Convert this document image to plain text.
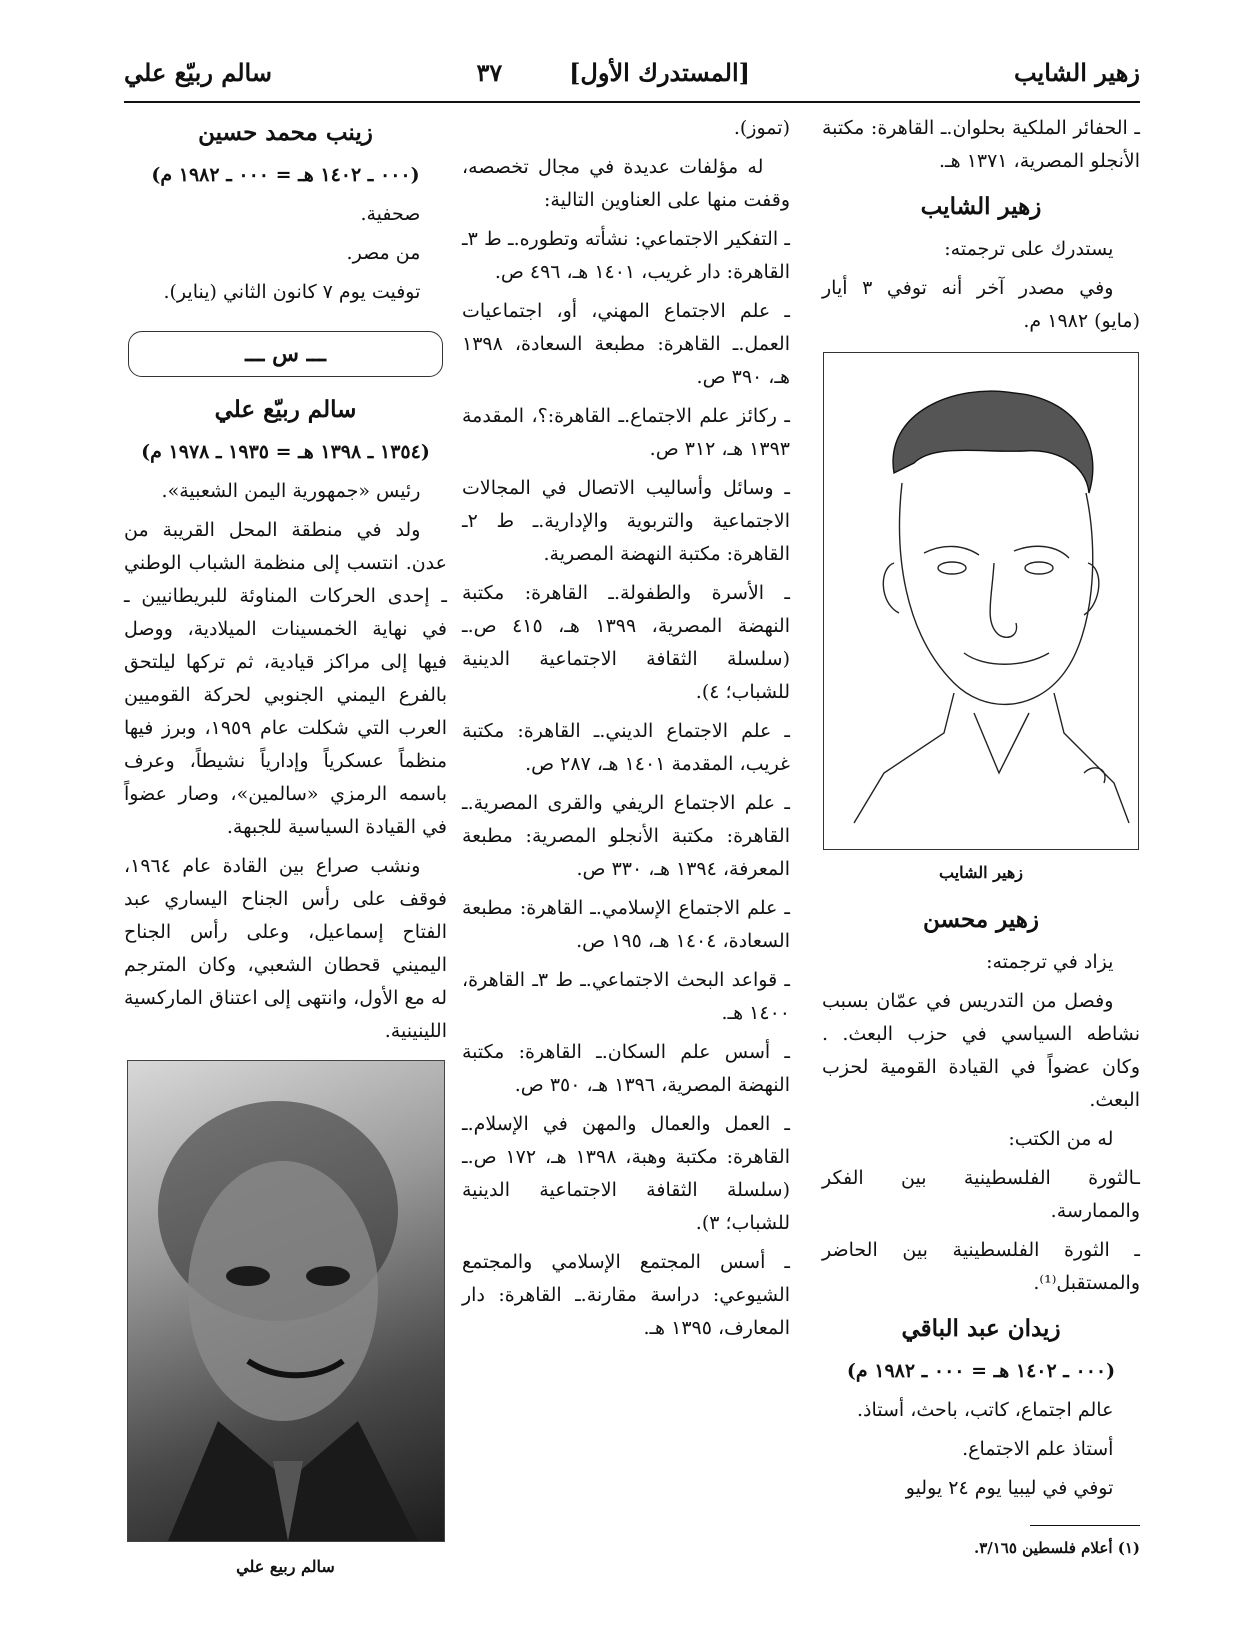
زهير الشايب
[المستدرك الأول]        ٣٧
سالم ربيّع علي

ـ الحفائر الملكية بحلوان.ـ القاهرة: مكتبة الأنجلو المصرية، ١٣٧١ هـ.

زهير الشايب

يستدرك على ترجمته:

وفي مصدر آخر أنه توفي ٣ أيار (مايو) ١٩٨٢ م.

زهير الشايب
زهير محسن

يزاد في ترجمته:

وفصل من التدريس في عمّان بسبب نشاطه السياسي في حزب البعث. . وكان عضواً في القيادة القومية لحزب البعث.

له من الكتب:

ـالثورة الفلسطينية بين الفكر والممارسة.

ـ الثورة الفلسطينية بين الحاضر والمستقبل⁽¹⁾.

زيدان عبد الباقي
(٠٠٠ ـ ١٤٠٢ هـ = ٠٠٠ ـ ١٩٨٢ م)

عالم اجتماع، كاتب، باحث، أستاذ.

أستاذ علم الاجتماع.

توفي في ليبيا يوم ٢٤ يوليو

(١) أعلام فلسطين ٣/١٦٥.

(تموز).

له مؤلفات عديدة في مجال تخصصه، وقفت منها على العناوين التالية:

ـ التفكير الاجتماعي: نشأته وتطوره.ـ ط ٣ـ القاهرة: دار غريب، ١٤٠١ هـ، ٤٩٦ ص.

ـ علم الاجتماع المهني، أو، اجتماعيات العمل.ـ القاهرة: مطبعة السعادة، ١٣٩٨ هـ، ٣٩٠ ص.

ـ ركائز علم الاجتماع.ـ القاهرة:؟، المقدمة ١٣٩٣ هـ، ٣١٢ ص.

ـ وسائل وأساليب الاتصال في المجالات الاجتماعية والتربوية والإدارية.ـ ط ٢ـ القاهرة: مكتبة النهضة المصرية.

ـ الأسرة والطفولة.ـ القاهرة: مكتبة النهضة المصرية، ١٣٩٩ هـ، ٤١٥ ص.ـ (سلسلة الثقافة الاجتماعية الدينية للشباب؛ ٤).

ـ علم الاجتماع الديني.ـ القاهرة: مكتبة غريب، المقدمة ١٤٠١ هـ، ٢٨٧ ص.

ـ علم الاجتماع الريفي والقرى المصرية.ـ القاهرة: مكتبة الأنجلو المصرية: مطبعة المعرفة، ١٣٩٤ هـ، ٣٣٠ ص.

ـ علم الاجتماع الإسلامي.ـ القاهرة: مطبعة السعادة، ١٤٠٤ هـ، ١٩٥ ص.

ـ قواعد البحث الاجتماعي.ـ ط ٣ـ القاهرة، ١٤٠٠ هـ.

ـ أسس علم السكان.ـ القاهرة: مكتبة النهضة المصرية، ١٣٩٦ هـ، ٣٥٠ ص.

ـ العمل والعمال والمهن في الإسلام.ـ القاهرة: مكتبة وهبة، ١٣٩٨ هـ، ١٧٢ ص.ـ (سلسلة الثقافة الاجتماعية الدينية للشباب؛ ٣).

ـ أسس المجتمع الإسلامي والمجتمع الشيوعي: دراسة مقارنة.ـ القاهرة: دار المعارف، ١٣٩٥ هـ.

زينب محمد حسين
(٠٠٠ ـ ١٤٠٢ هـ = ٠٠٠ ـ ١٩٨٢ م)

صحفية.

من مصر.

توفيت يوم ٧ كانون الثاني (يناير).

ـــ س ـــ
سالم ربيّع علي
(١٣٥٤ ـ ١٣٩٨ هـ = ١٩٣٥ ـ ١٩٧٨ م)

رئيس «جمهورية اليمن الشعبية».

ولد في منطقة المحل القريبة من عدن. انتسب إلى منظمة الشباب الوطني ـ إحدى الحركات المناوئة للبريطانيين ـ في نهاية الخمسينات الميلادية، ووصل فيها إلى مراكز قيادية، ثم تركها ليلتحق بالفرع اليمني الجنوبي لحركة القوميين العرب التي شكلت عام ١٩٥٩، وبرز فيها منظماً عسكرياً وإدارياً نشيطاً، وعرف باسمه الرمزي «سالمين»، وصار عضواً في القيادة السياسية للجبهة.

ونشب صراع بين القادة عام ١٩٦٤، فوقف على رأس الجناح اليساري عبد الفتاح إسماعيل، وعلى رأس الجناح اليميني قحطان الشعبي، وكان المترجم له مع الأول، وانتهى إلى اعتناق الماركسية اللينينية.

سالم ربيع علي
